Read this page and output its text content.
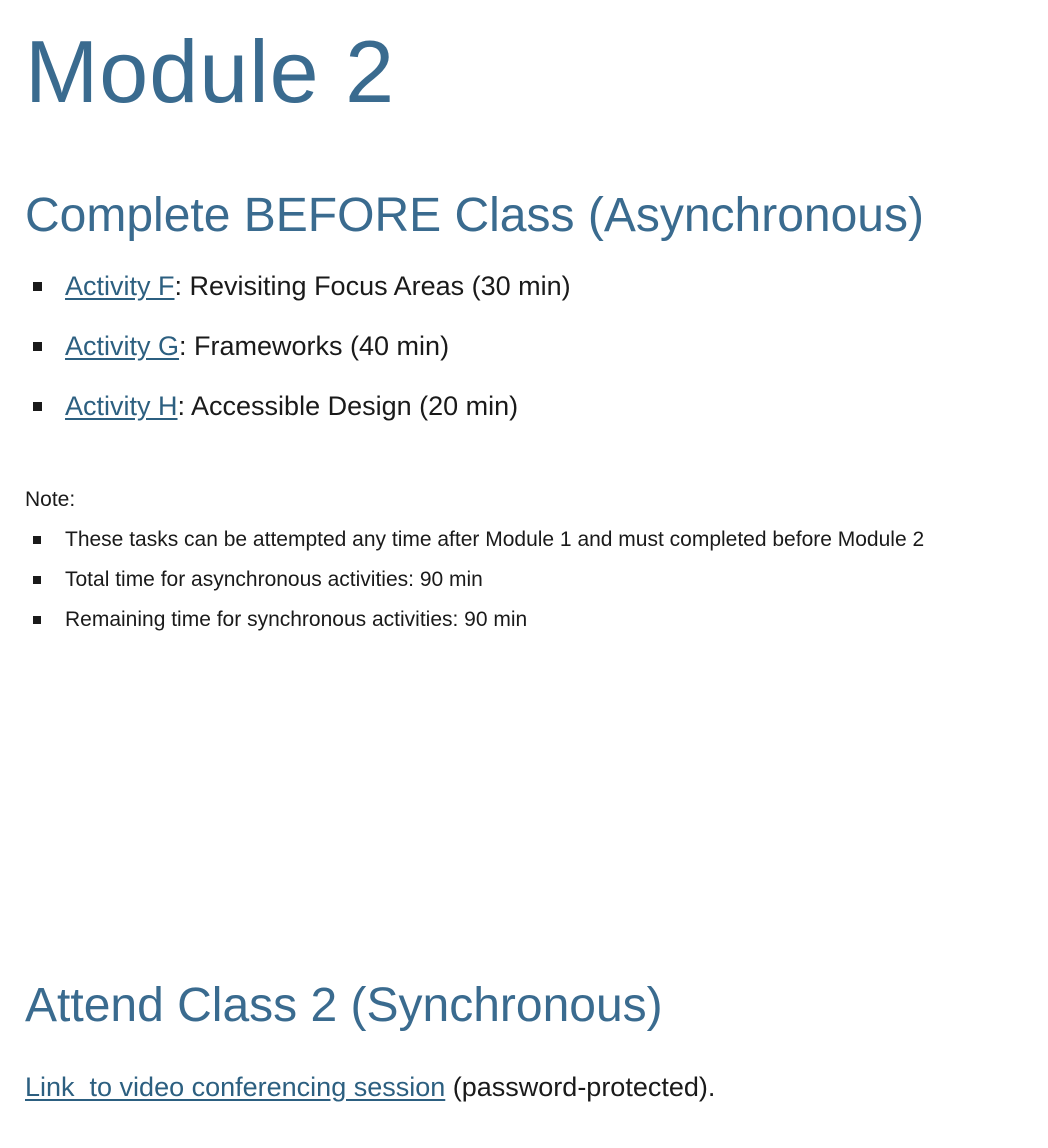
Module 2
Complete BEFORE Class (Asynchronous)
Activity F: Revisiting Focus Areas (30 min)
Activity G: Frameworks (40 min)
Activity H: Accessible Design (20 min)
Note:
These tasks can be attempted any time after Module 1 and must completed before Module 2
Total time for asynchronous activities: 90 min
Remaining time for synchronous activities: 90 min
Attend Class 2 (Synchronous)
Link  to video conferencing session (password-protected).
